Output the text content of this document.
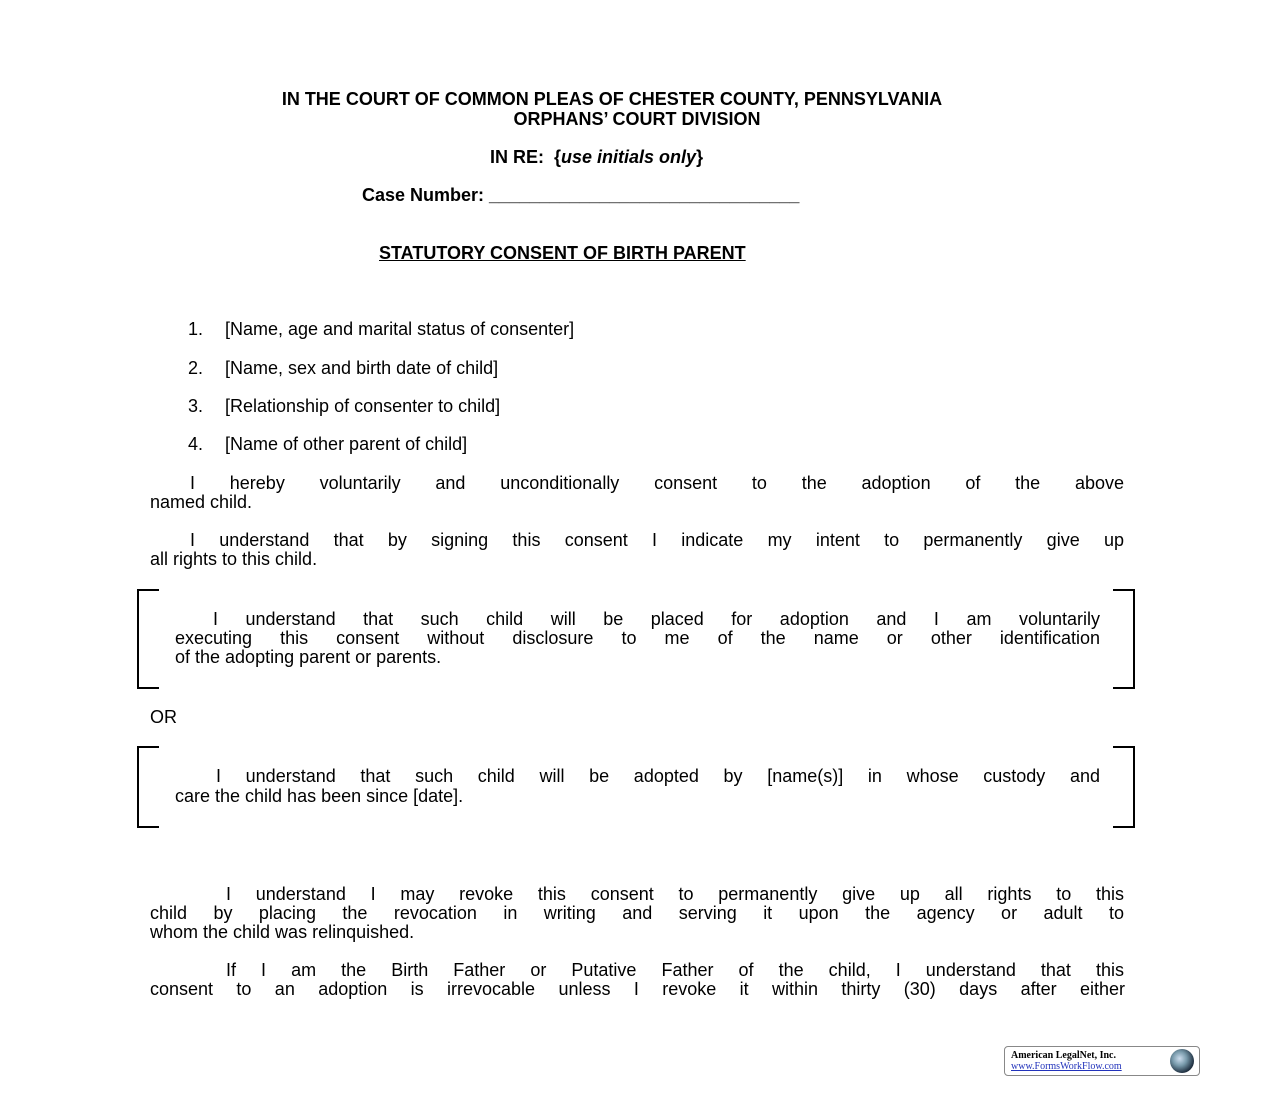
IN THE COURT OF COMMON PLEAS OF CHESTER COUNTY, PENNSYLVANIA
ORPHANS’ COURT DIVISION
IN RE:  {use initials only}
Case Number: _______________________________
STATUTORY CONSENT OF BIRTH PARENT
1. [Name, age and marital status of consenter]
2. [Name, sex and birth date of child]
3. [Relationship of consenter to child]
4. [Name of other parent of child]
I hereby voluntarily and unconditionally consent to the adoption of the above
named child.
I understand that by signing this consent I indicate my intent to permanently give up
all rights to this child.
I understand that such child will be placed for adoption and I am voluntarily
executing this consent without disclosure to me of the name or other identification
of the adopting parent or parents.
OR
I understand that such child will be adopted by [name(s)] in whose custody and
care the child has been since [date].
I understand I may revoke this consent to permanently give up all rights to this
child by placing the revocation in writing and serving it upon the agency or adult to
whom the child was relinquished.
If I am the Birth Father or Putative Father of the child, I understand that this
consent to an adoption is irrevocable unless I revoke it within thirty (30) days after either
American LegalNet, Inc.
www.FormsWorkFlow.com
